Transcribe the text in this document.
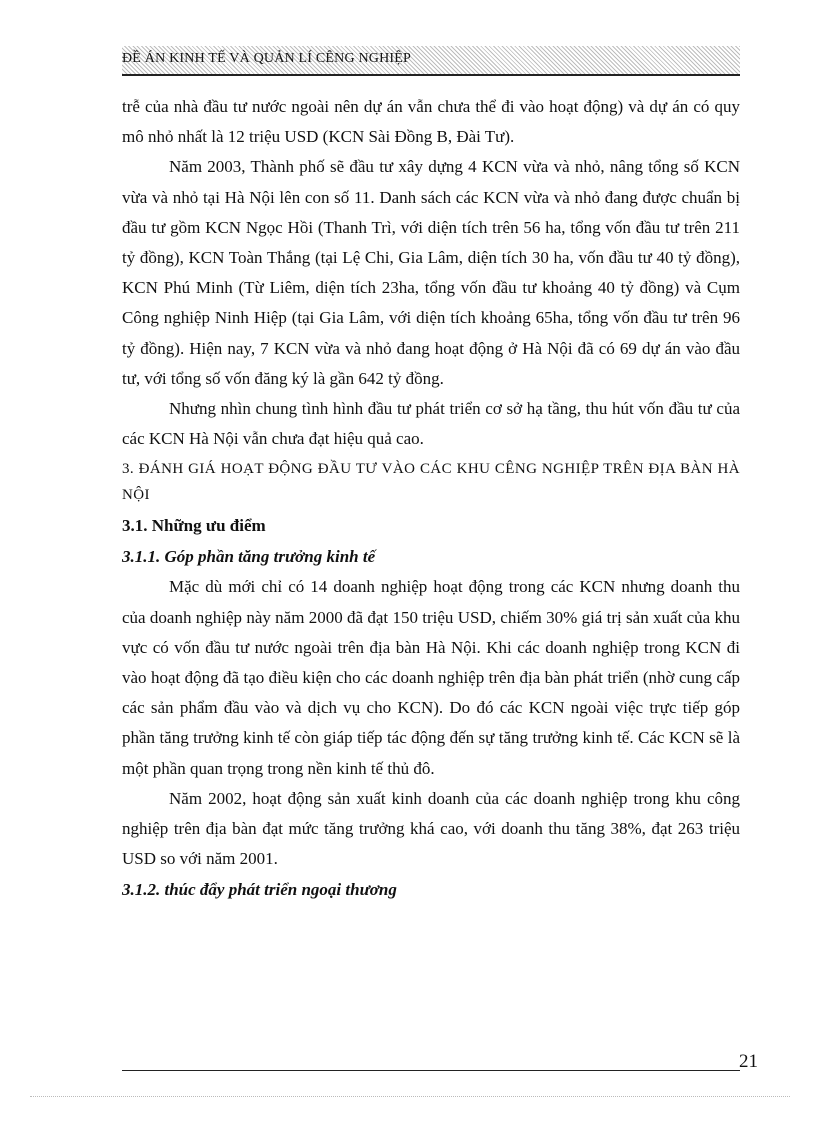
ĐỀ ÁN KINH TẾ VÀ QUẢN LÍ CÊNG NGHIỆP

trễ của nhà đầu tư nước ngoài nên dự án vẫn chưa thể đi vào hoạt động) và dự án có quy mô nhỏ nhất là 12 triệu USD (KCN Sài Đồng B, Đài Tư).

Năm 2003, Thành phố sẽ đầu tư xây dựng 4 KCN vừa và nhỏ, nâng tổng số KCN vừa và nhỏ tại Hà Nội lên con số 11. Danh sách các KCN vừa và nhỏ đang được chuẩn bị đầu tư gồm KCN Ngọc Hồi (Thanh Trì, với diện tích trên 56 ha, tổng vốn đầu tư trên 211 tỷ đồng), KCN Toàn Thắng (tại Lệ Chi, Gia Lâm, diện tích 30 ha, vốn đầu tư 40 tỷ đồng), KCN Phú Minh (Từ Liêm, diện tích 23ha, tổng vốn đầu tư khoảng 40 tỷ đồng) và Cụm Công nghiệp Ninh Hiệp (tại Gia Lâm, với diện tích khoảng 65ha, tổng vốn đầu tư trên 96 tỷ đồng). Hiện nay, 7 KCN vừa và nhỏ đang hoạt động ở Hà Nội đã có 69 dự án vào đầu tư, với tổng số vốn đăng ký là gần 642 tỷ đồng.

Nhưng nhìn chung tình hình đầu tư phát triển cơ sở hạ tầng, thu hút vốn đầu tư của các KCN Hà Nội vẫn chưa đạt hiệu quả cao.

3. ĐÁNH GIÁ HOẠT ĐỘNG ĐẦU TƯ VÀO CÁC KHU CÊNG NGHIỆP TRÊN ĐỊA BÀN HÀ NỘI

3.1. Những ưu điểm

3.1.1. Góp phần tăng trưởng kinh tế

Mặc dù mới chỉ có 14 doanh nghiệp hoạt động trong các KCN nhưng doanh thu của doanh nghiệp này năm 2000 đã đạt 150 triệu USD, chiếm 30% giá trị sản xuất của khu vực có vốn đầu tư nước ngoài trên địa bàn Hà Nội. Khi các doanh nghiệp trong KCN đi vào hoạt động đã tạo điều kiện cho các doanh nghiệp trên địa bàn phát triển (nhờ cung cấp các sản phẩm đầu vào và dịch vụ cho KCN). Do đó các KCN ngoài việc trực tiếp góp phần tăng trưởng kinh tế còn giáp tiếp tác động đến sự tăng trưởng kinh tế. Các KCN sẽ là một phần quan trọng trong nền kinh tế thủ đô.

Năm 2002, hoạt động sản xuất kinh doanh của các doanh nghiệp trong khu công nghiệp trên địa bàn đạt mức tăng trưởng khá cao, với doanh thu tăng 38%, đạt 263 triệu USD so với năm 2001.

3.1.2. thúc đẩy phát triển ngoại thương

21
